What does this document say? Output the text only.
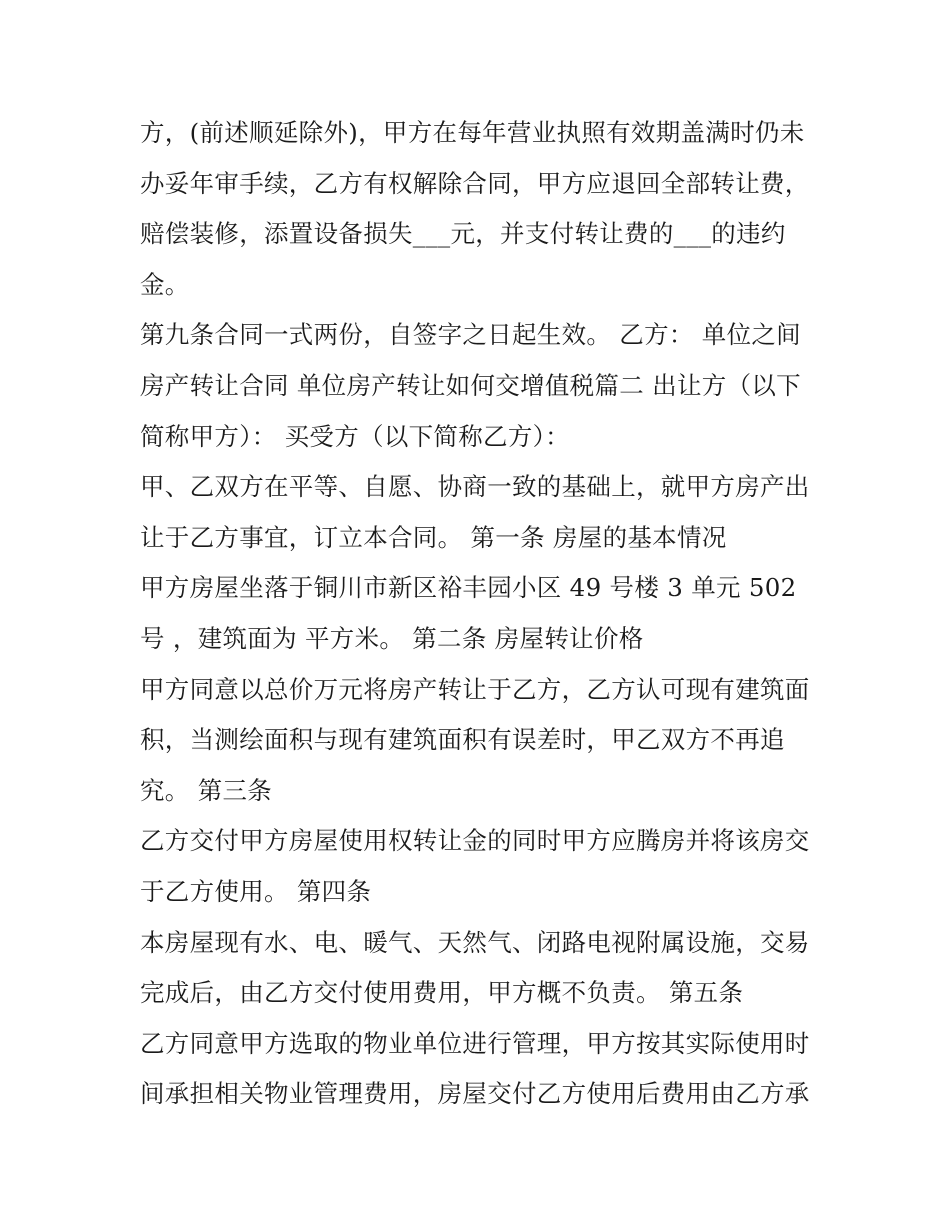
方，(前述顺延除外)，甲方在每年营业执照有效期盖满时仍未
办妥年审手续，乙方有权解除合同，甲方应退回全部转让费，
赔偿装修，添置设备损失___元，并支付转让费的___的违约
金。
第九条合同一式两份，自签字之日起生效。 乙方： 单位之间
房产转让合同 单位房产转让如何交增值税篇二 出让方（以下
简称甲方）： 买受方（以下简称乙方）：
甲、乙双方在平等、自愿、协商一致的基础上，就甲方房产出
让于乙方事宜，订立本合同。 第一条 房屋的基本情况
甲方房屋坐落于铜川市新区裕丰园小区 49 号楼 3 单元 502
号 ，建筑面为 平方米。 第二条 房屋转让价格
甲方同意以总价万元将房产转让于乙方，乙方认可现有建筑面
积，当测绘面积与现有建筑面积有误差时，甲乙双方不再追
究。 第三条
乙方交付甲方房屋使用权转让金的同时甲方应腾房并将该房交
于乙方使用。 第四条
本房屋现有水、电、暖气、天然气、闭路电视附属设施，交易
完成后，由乙方交付使用费用，甲方概不负责。 第五条
乙方同意甲方选取的物业单位进行管理，甲方按其实际使用时
间承担相关物业管理费用，房屋交付乙方使用后费用由乙方承
